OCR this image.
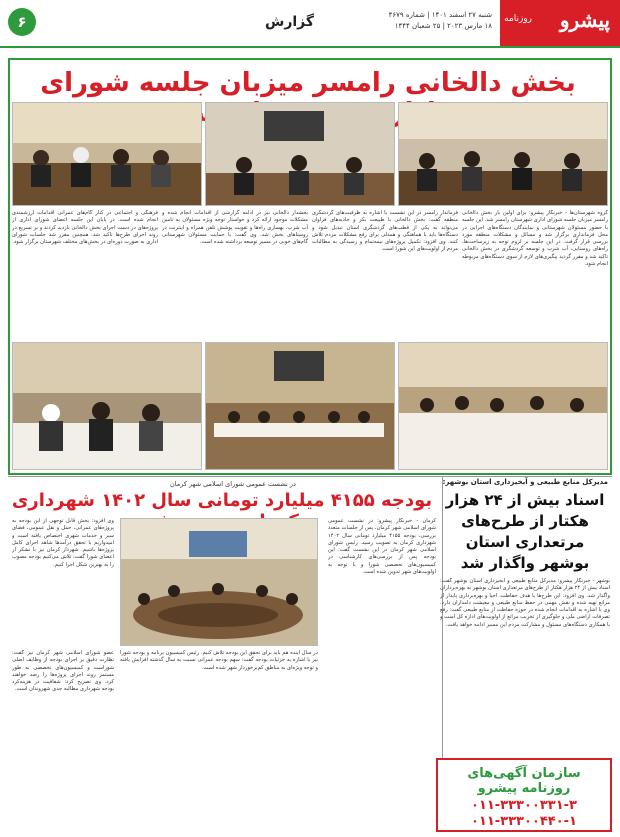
۶	گزارش	شنبه ۲۷ اسفند ۱۴۰۱ | شماره ۴۶۷۹
۱۸ مارس ۲۰۲۳ | ۲۵ شعبان ۱۴۴۴	پیشرو
روزنامه
بخش دالخانی رامسر میزبان جلسه شورای
گروه شهرستان‌ها - خبرنگار پیشرو: برای اولین بار بخش دالخانی رامسر میزبان جلسه شورای اداری شهرستان رامسر شد. این جلسه با حضور مسئولان شهرستانی و نمایندگان دستگاه‌های اجرایی در محل فرمانداری برگزار شد و مسائل و مشکلات منطقه مورد بررسی قرار گرفت. در این جلسه بر لزوم توجه به زیرساخت‌ها، راه‌های روستایی، آب شرب و توسعه گردشگری در بخش دالخانی تاکید شد و مقرر گردید پیگیری‌های لازم از سوی دستگاه‌های مربوطه انجام شود.
فرماندار رامسر در این نشست با اشاره به ظرفیت‌های گردشگری منطقه گفت: بخش دالخانی با طبیعت بکر و جاذبه‌های فراوان می‌تواند به یکی از قطب‌های گردشگری استان تبدیل شود و دستگاه‌ها باید با هماهنگی و همدلی برای رفع مشکلات مردم تلاش کنند. وی افزود: تکمیل پروژه‌های نیمه‌تمام و رسیدگی به مطالبات مردم از اولویت‌های این شورا است.
بخشدار دالخانی نیز در ادامه گزارشی از اقدامات انجام شده و مشکلات موجود ارائه کرد و خواستار توجه ویژه مسئولان به تامین آب شرب، بهسازی راه‌ها و تقویت پوشش تلفن همراه و اینترنت در روستاهای بخش شد. وی گفت: با حمایت مسئولان شهرستانی گام‌های خوبی در مسیر توسعه برداشته شده است.
فرهنگی و اجتماعی در کنار گام‌های عمرانی اقدامات ارزشمندی انجام شده است. در پایان این جلسه اعضای شورای اداری از پروژه‌های در دست اجرای بخش دالخانی بازدید کردند و بر تسریع در روند اجرای طرح‌ها تاکید شد. همچنین مقرر شد جلسات شورای اداری به صورت دوره‌ای در بخش‌های مختلف شهرستان برگزار شود.
مدیرکل منابع طبیعی و آبخیزداری استان بوشهر:
اسناد بیش از ۲۴ هزار هکتار از طرح‌های مرتعداری استان بوشهر واگذار شد
بوشهر - خبرنگار پیشرو: مدیرکل منابع طبیعی و آبخیزداری استان بوشهر گفت: اسناد بیش از ۲۴ هزار هکتار از طرح‌های مرتعداری استان بوشهر به بهره‌برداران واگذار شد. وی افزود: این طرح‌ها با هدف حفاظت، احیا و بهره‌برداری پایدار از مراتع تهیه شده و نقش مهمی در حفظ منابع طبیعی و معیشت دامداران دارد. وی با اشاره به اقدامات انجام شده در حوزه حفاظت از منابع طبیعی گفت: رفع تصرفات اراضی ملی و جلوگیری از تخریب مراتع از اولویت‌های اداره کل است و با همکاری دستگاه‌های مسئول و مشارکت مردم این مسیر ادامه خواهد یافت.
در نشست عمومی شورای اسلامی شهر کرمان
بودجه ۴۱۵۵ میلیارد تومانی سال ۱۴۰۲ شهرداری
کرمان - خبرنگار پیشرو: در نشست عمومی شورای اسلامی شهر کرمان، پس از جلسات متعدد بررسی، بودجه ۴۱۵۵ میلیارد تومانی سال ۱۴۰۲ شهرداری کرمان به تصویب رسید. رئیس شورای اسلامی شهر کرمان در این نشست گفت: این بودجه پس از بررسی‌های کارشناسی در کمیسیون‌های تخصصی شورا و با توجه به اولویت‌های شهر تدوین شده است.
وی افزود: بخش قابل توجهی از این بودجه به پروژه‌های عمرانی، حمل و نقل عمومی، فضای سبز و خدمات شهری اختصاص یافته است و امیدواریم با تحقق درآمدها شاهد اجرای کامل پروژه‌ها باشیم. شهردار کرمان نیز با تشکر از اعضای شورا گفت: تلاش می‌کنیم بودجه مصوب را به بهترین شکل اجرا کنیم.
در سال آینده هم باید برای تحقق این بودجه تلاش کنیم. رئیس کمیسیون برنامه و بودجه شورا نیز با اشاره به جزئیات بودجه گفت: سهم بودجه عمرانی نسبت به سال گذشته افزایش یافته و توجه ویژه‌ای به مناطق کم‌برخوردار شهر شده است.
عضو شورای اسلامی شهر کرمان نیز گفت: نظارت دقیق بر اجرای بودجه از وظایف اصلی شوراست و کمیسیون‌های تخصصی به طور مستمر روند اجرای پروژه‌ها را رصد خواهند کرد. وی تصریح کرد: شفافیت در هزینه‌کرد بودجه شهرداری مطالبه جدی شهروندان است.
سازمان آگهی‌های
روزنامه پیشرو
۰۱۱-۳۳۳۰۰۳۳۱-۳
۰۱۱-۳۳۳۰۰۴۴۰-۱
